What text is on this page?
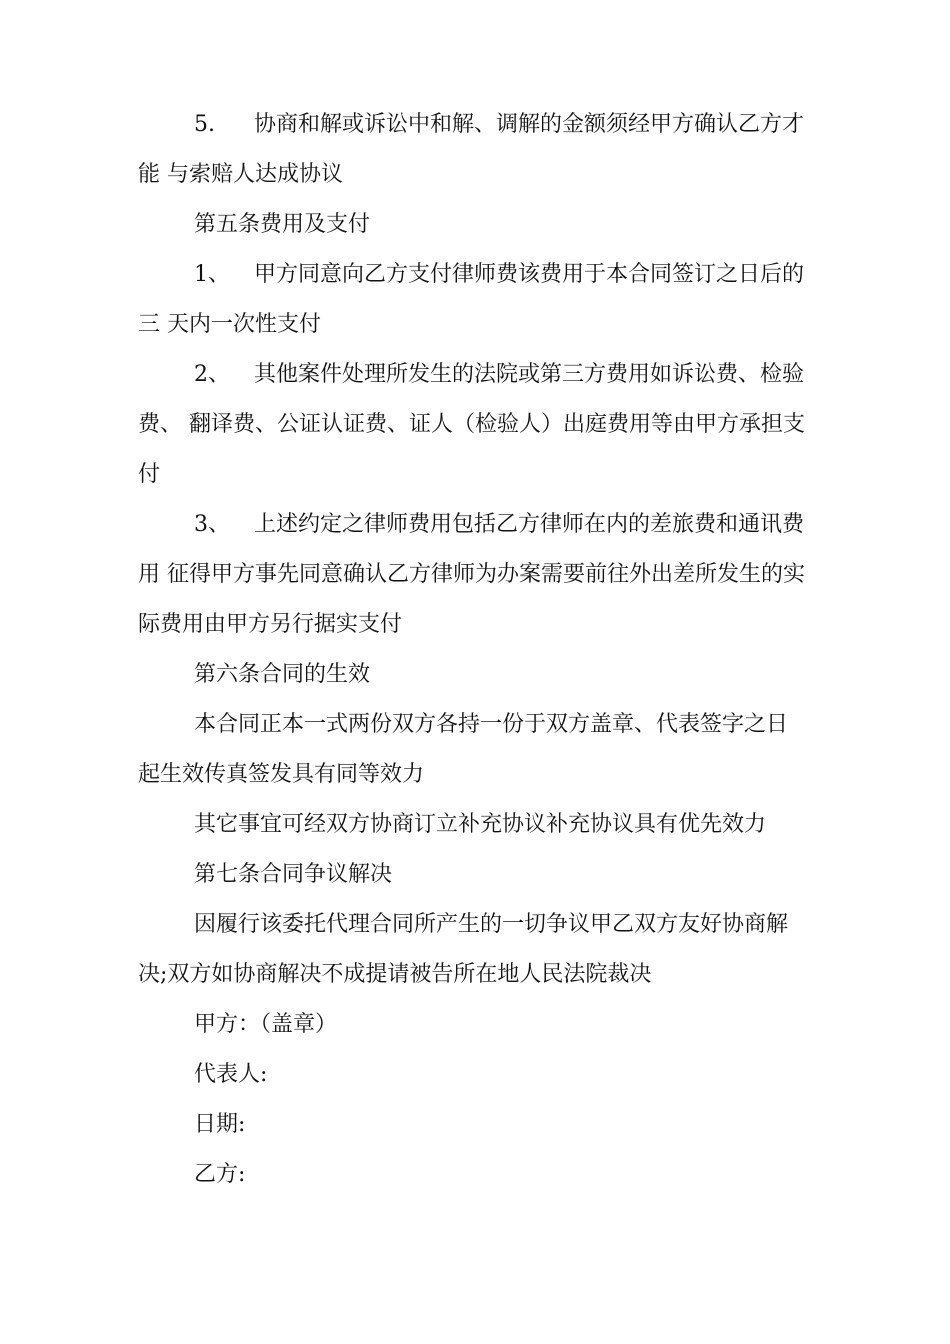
5. 协商和解或诉讼中和解、调解的金额须经甲方确认乙方才
能 与索赔人达成协议
第五条费用及支付
1、 甲方同意向乙方支付律师费该费用于本合同签订之日后的
三 天内一次性支付
2、 其他案件处理所发生的法院或第三方费用如诉讼费、检验
费、 翻译费、公证认证费、证人（检验人）出庭费用等由甲方承担支
付
3、 上述约定之律师费用包括乙方律师在内的差旅费和通讯费
用 征得甲方事先同意确认乙方律师为办案需要前往外出差所发生的实
际费用由甲方另行据实支付
第六条合同的生效
本合同正本一式两份双方各持一份于双方盖章、代表签字之日
起生效传真签发具有同等效力
其它事宜可经双方协商订立补充协议补充协议具有优先效力
第七条合同争议解决
因履行该委托代理合同所产生的一切争议甲乙双方友好协商解
决;双方如协商解决不成提请被告所在地人民法院裁决
甲方：（盖章）
代表人:
日期:
乙方:
